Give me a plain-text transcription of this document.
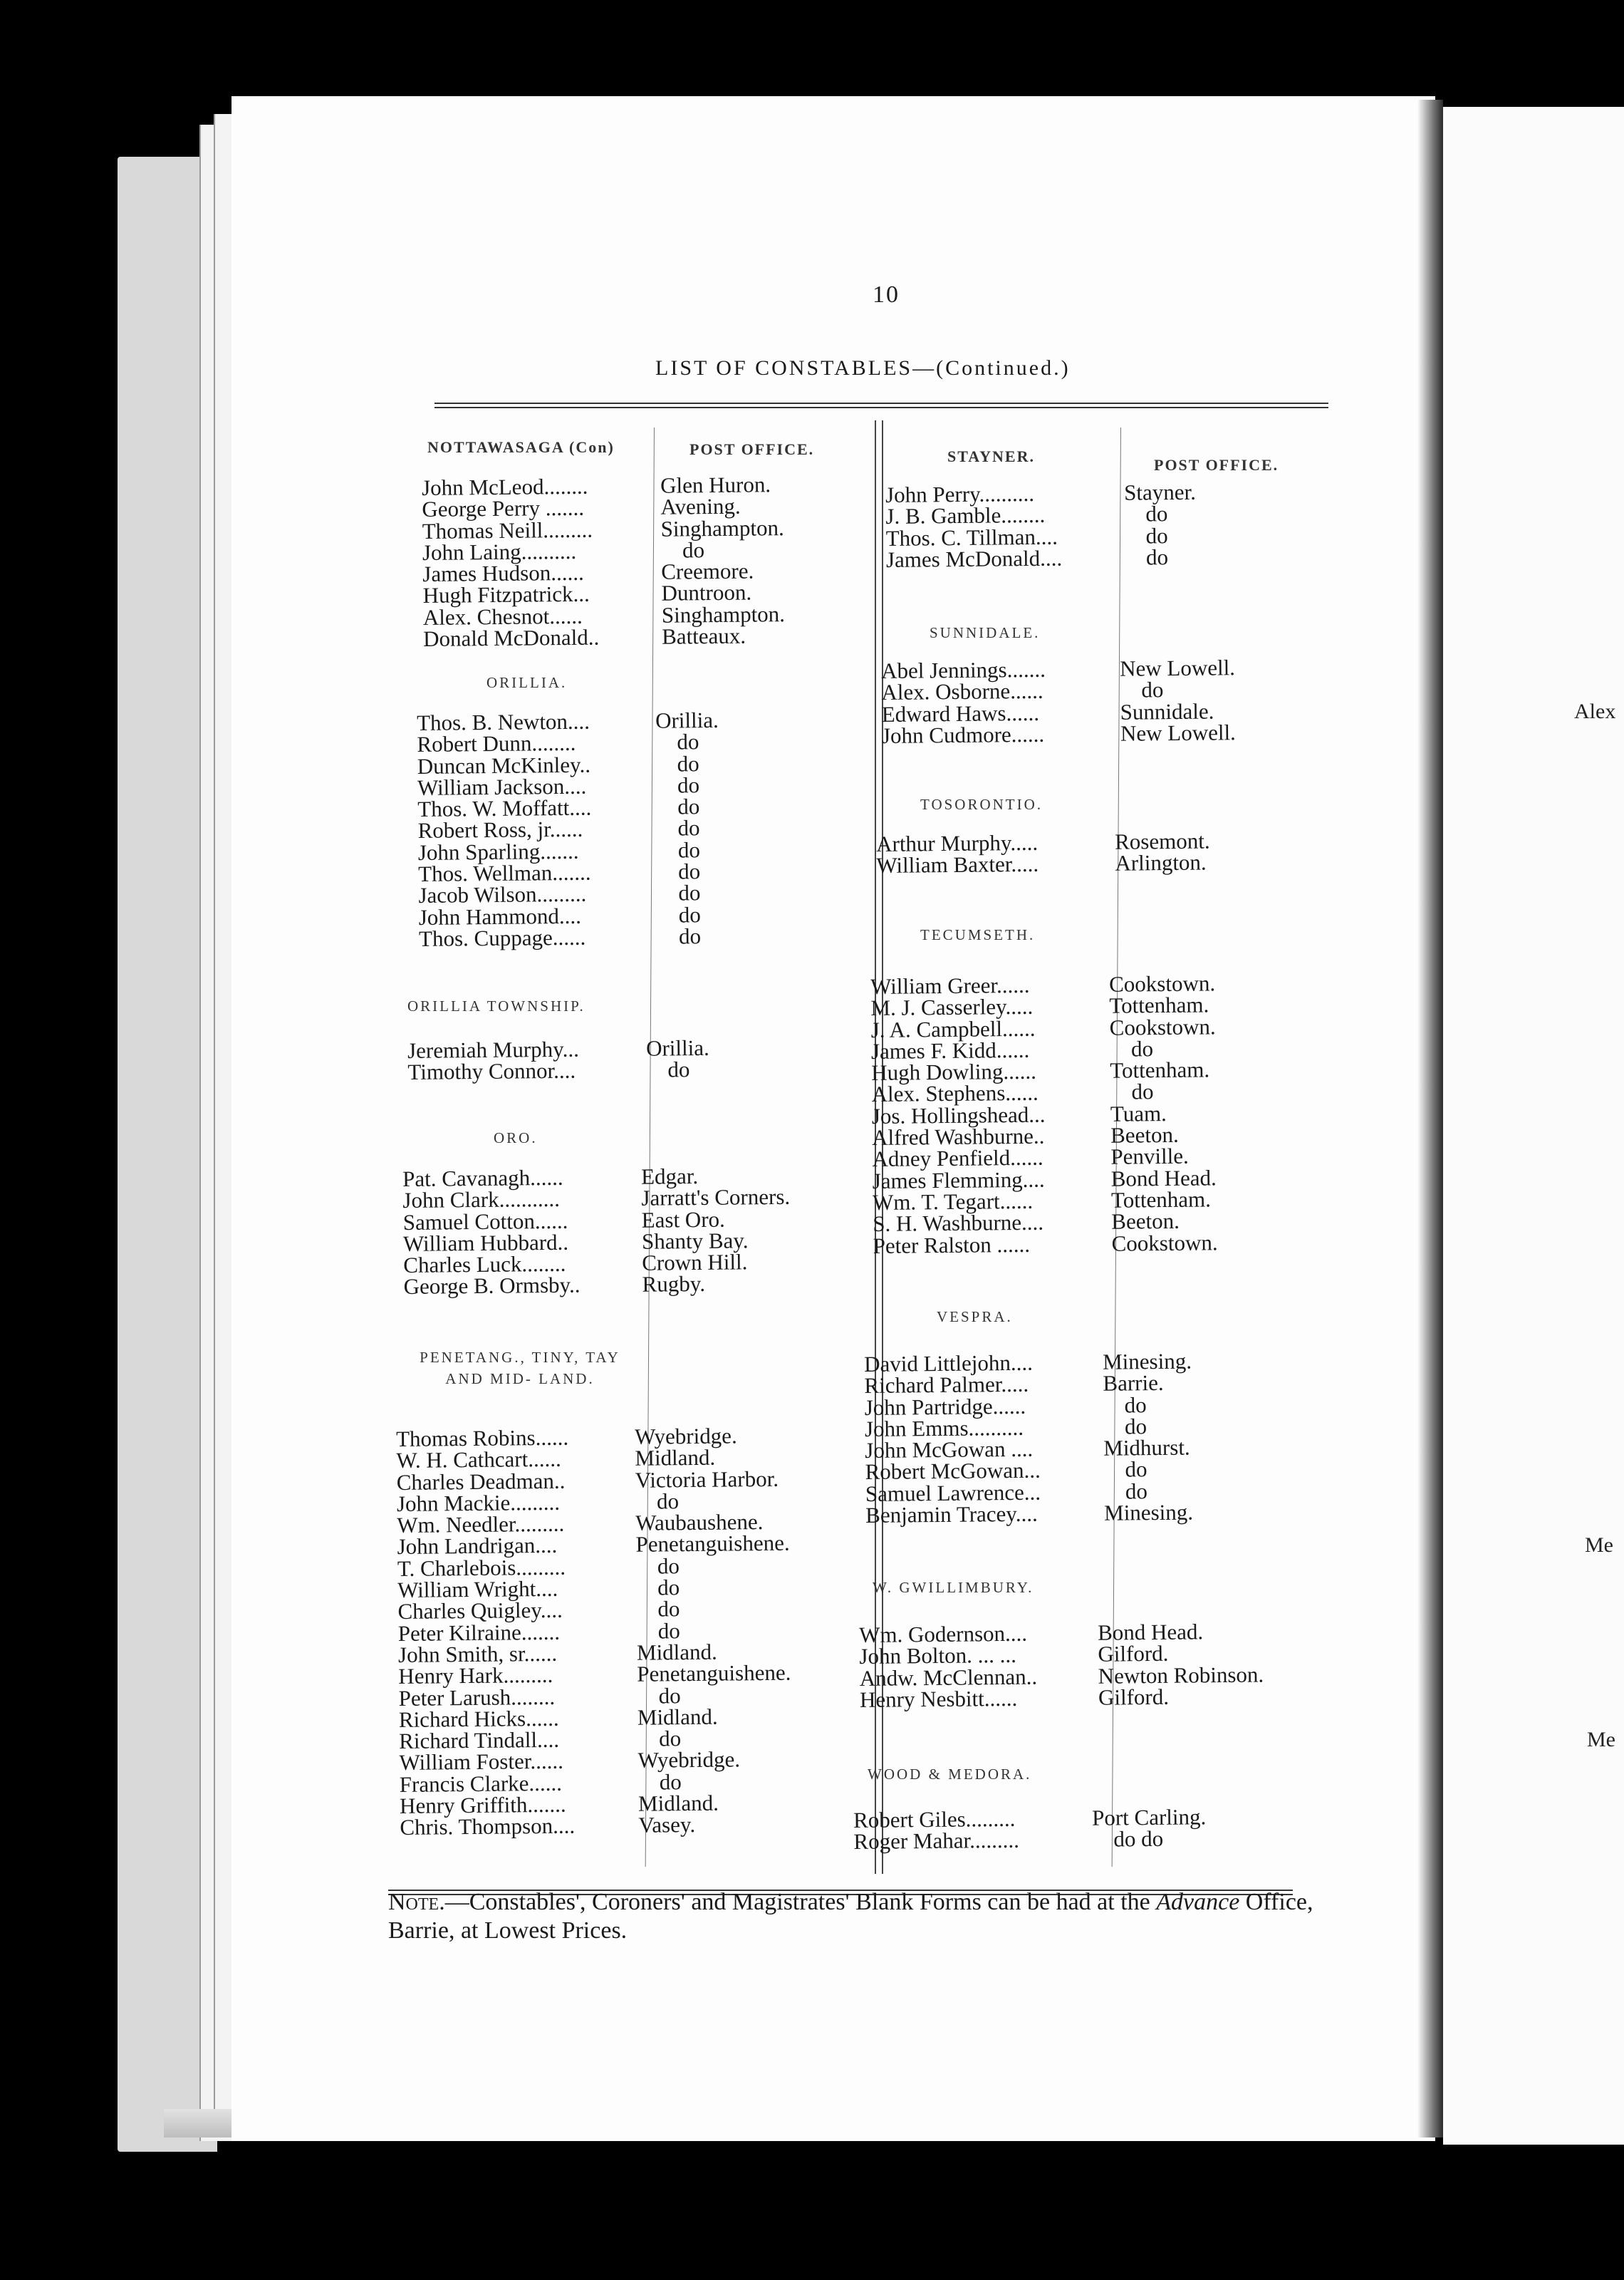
Alex
Me
Me
10
LIST OF CONSTABLES—(Continued.)
NOTTAWASAGA (Con)	POST OFFICE.	STAYNER.	POST OFFICE.
John McLeod........	Glen Huron.
George Perry .......	Avening.
Thomas Neill.........	Singhampton.
John Laing..........	do
James Hudson......	Creemore.
Hugh Fitzpatrick...	Duntroon.
Alex. Chesnot......	Singhampton.
Donald McDonald..	Batteaux.
ORILLIA.
Thos. B. Newton....	Orillia.
Robert Dunn........	do
Duncan McKinley..	do
William Jackson....	do
Thos. W. Moffatt....	do
Robert Ross, jr......	do
John Sparling.......	do
Thos. Wellman.......	do
Jacob Wilson.........	do
John Hammond....	do
Thos. Cuppage......	do
ORILLIA TOWNSHIP.
Jeremiah Murphy...	Orillia.
Timothy Connor....	do
ORO.
Pat. Cavanagh......	Edgar.
John Clark...........	Jarratt's Corners.
Samuel Cotton......	East Oro.
William Hubbard..	Shanty Bay.
Charles Luck........	Crown Hill.
George B. Ormsby..	Rugby.
PENETANG., TINY, TAY AND MID- LAND.
Thomas Robins......	Wyebridge.
W. H. Cathcart......	Midland.
Charles Deadman..	Victoria Harbor.
John Mackie.........	do
Wm. Needler.........	Waubaushene.
John Landrigan....	Penetanguishene.
T. Charlebois.........	do
William Wright....	do
Charles Quigley....	do
Peter Kilraine.......	do
John Smith, sr......	Midland.
Henry Hark.........	Penetanguishene.
Peter Larush........	do
Richard Hicks......	Midland.
Richard Tindall....	do
William Foster......	Wyebridge.
Francis Clarke......	do
Henry Griffith.......	Midland.
Chris. Thompson....	Vasey.
John Perry..........	Stayner.
J. B. Gamble........	do
Thos. C. Tillman....	do
James McDonald....	do
SUNNIDALE.
Abel Jennings.......	New Lowell.
Alex. Osborne......	do
Edward Haws......	Sunnidale.
John Cudmore......	New Lowell.
TOSORONTIO.
Arthur Murphy.....	Rosemont.
William Baxter.....	Arlington.
TECUMSETH.
William Greer......	Cookstown.
M. J. Casserley.....	Tottenham.
J. A. Campbell......	Cookstown.
James F. Kidd......	do
Hugh Dowling......	Tottenham.
Alex. Stephens......	do
Jos. Hollingshead...	Tuam.
Alfred Washburne..	Beeton.
Adney Penfield......	Penville.
James Flemming....	Bond Head.
Wm. T. Tegart......	Tottenham.
S. H. Washburne....	Beeton.
Peter Ralston ......	Cookstown.
VESPRA.
David Littlejohn....	Minesing.
Richard Palmer.....	Barrie.
John Partridge......	do
John Emms..........	do
John McGowan ....	Midhurst.
Robert McGowan...	do
Samuel Lawrence...	do
Benjamin Tracey....	Minesing.
W. GWILLIMBURY.
Wm. Godernson....	Bond Head.
John Bolton. ... ...	Gilford.
Andw. McClennan..	Newton Robinson.
Henry Nesbitt......	Gilford.
WOOD & MEDORA.
Robert Giles.........	Port Carling.
Roger Mahar.........	do do
Note.—Constables', Coroners' and Magistrates' Blank Forms can be had at the Advance Office, Barrie, at Lowest Prices.
